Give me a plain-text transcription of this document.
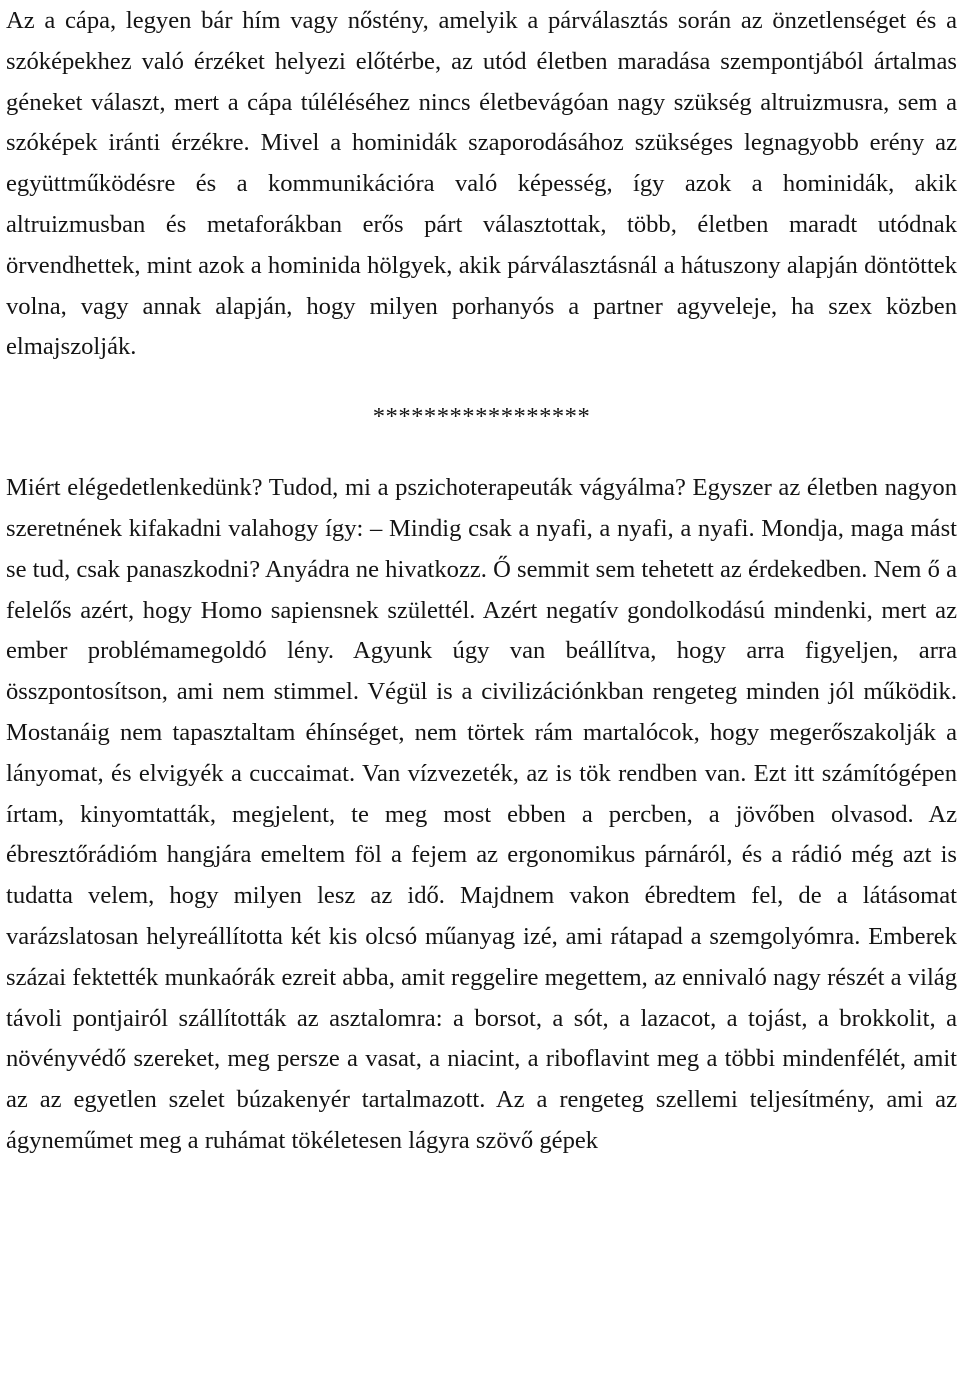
Az a cápa, legyen bár hím vagy nőstény, amelyik a párválasztás során az önzetlenséget és a szóképekhez való érzéket helyezi előtérbe, az utód életben maradása szempontjából ártalmas géneket választ, mert a cápa túléléséhez nincs életbevágóan nagy szükség altruizmusra, sem a szóképek iránti érzékre. Mivel a hominidák szaporodásához szükséges legnagyobb erény az együttműködésre és a kommunikációra való képesség, így azok a hominidák, akik altruizmusban és metaforákban erős párt választottak, több, életben maradt utódnak örvendhettek, mint azok a hominida hölgyek, akik párválasztásnál a hátuszony alapján döntöttek volna, vagy annak alapján, hogy milyen porhanyós a partner agyveleje, ha szex közben elmajszolják.

*****************

Miért elégedetlenkedünk? Tudod, mi a pszichoterapeuták vágyálma? Egyszer az életben nagyon szeretnének kifakadni valahogy így: – Mindig csak a nyafi, a nyafi, a nyafi. Mondja, maga mást se tud, csak panaszkodni? Anyádra ne hivatkozz. Ő semmit sem tehetett az érdekedben. Nem ő a felelős azért, hogy Homo sapiensnek születtél. Azért negatív gondolkodású mindenki, mert az ember problémamegoldó lény. Agyunk úgy van beállítva, hogy arra figyeljen, arra összpontosítson, ami nem stimmel. Végül is a civilizációnkban rengeteg minden jól működik. Mostanáig nem tapasztaltam éhínséget, nem törtek rám martalócok, hogy megerőszakolják a lányomat, és elvigyék a cuccaimat. Van vízvezeték, az is tök rendben van. Ezt itt számítógépen írtam, kinyomtatták, megjelent, te meg most ebben a percben, a jövőben olvasod. Az ébresztőrádióm hangjára emeltem föl a fejem az ergonomikus párnáról, és a rádió még azt is tudatta velem, hogy milyen lesz az idő. Majdnem vakon ébredtem fel, de a látásomat varázslatosan helyreállította két kis olcsó műanyag izé, ami rátapad a szemgolyómra. Emberek százai fektették munkaórák ezreit abba, amit reggelire megettem, az ennivaló nagy részét a világ távoli pontjairól szállították az asztalomra: a borsot, a sót, a lazacot, a tojást, a brokkolit, a növényvédő szereket, meg persze a vasat, a niacint, a riboflavint meg a többi mindenfélét, amit az az egyetlen szelet búzakenyér tartalmazott. Az a rengeteg szellemi teljesítmény, ami az ágyneműmet meg a ruhámat tökéletesen lágyra szövő gépek
